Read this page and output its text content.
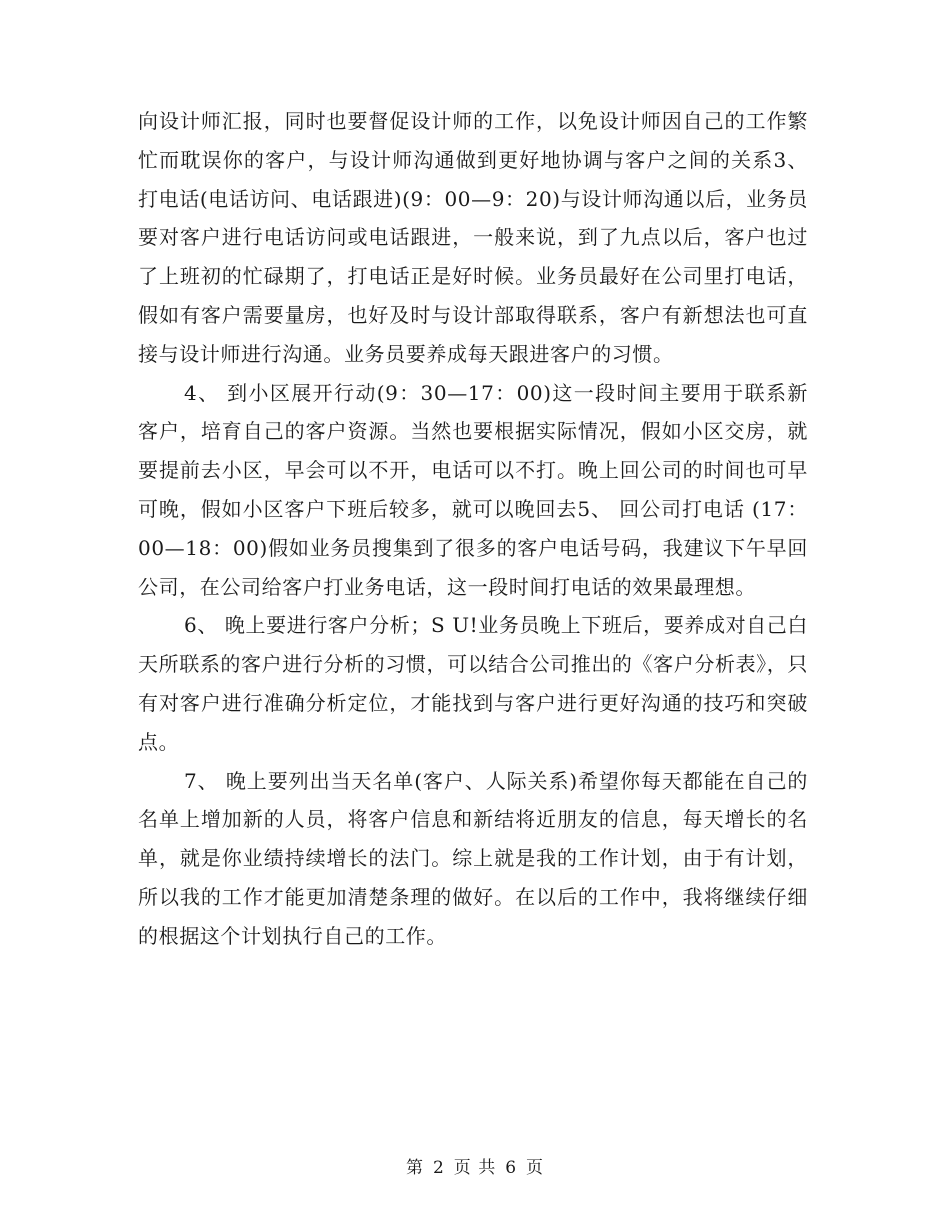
向设计师汇报，同时也要督促设计师的工作，以免设计师因自己的工作繁忙而耽误你的客户，与设计师沟通做到更好地协调与客户之间的关系3、 打电话(电话访问、电话跟进)(9：00—9：20)与设计师沟通以后，业务员要对客户进行电话访问或电话跟进，一般来说，到了九点以后，客户也过了上班初的忙碌期了，打电话正是好时候。业务员最好在公司里打电话，假如有客户需要量房，也好及时与设计部取得联系，客户有新想法也可直接与设计师进行沟通。业务员要养成每天跟进客户的习惯。

4、 到小区展开行动(9：30—17：00)这一段时间主要用于联系新客户，培育自己的客户资源。当然也要根据实际情况，假如小区交房，就要提前去小区，早会可以不开，电话可以不打。晚上回公司的时间也可早可晚，假如小区客户下班后较多，就可以晚回去5、 回公司打电话 (17：00—18：00)假如业务员搜集到了很多的客户电话号码，我建议下午早回公司，在公司给客户打业务电话，这一段时间打电话的效果最理想。

6、 晚上要进行客户分析；S U!业务员晚上下班后，要养成对自己白天所联系的客户进行分析的习惯，可以结合公司推出的《客户分析表》，只有对客户进行准确分析定位，才能找到与客户进行更好沟通的技巧和突破点。

7、 晚上要列出当天名单(客户、人际关系)希望你每天都能在自己的名单上增加新的人员，将客户信息和新结将近朋友的信息，每天增长的名单，就是你业绩持续增长的法门。综上就是我的工作计划，由于有计划，所以我的工作才能更加清楚条理的做好。在以后的工作中，我将继续仔细的根据这个计划执行自己的工作。

第 2 页 共 6 页
